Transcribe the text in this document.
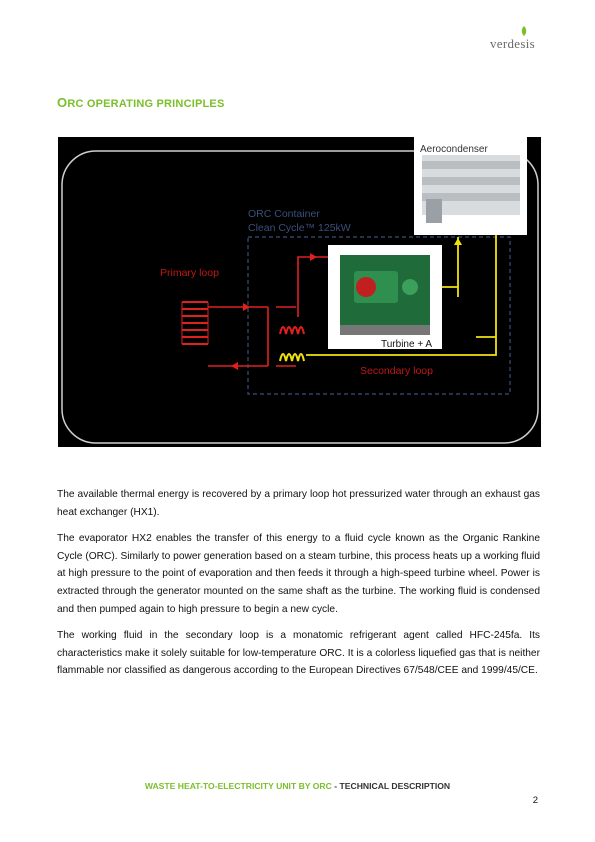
verdesis
ORC OPERATING PRINCIPLES
ORC Container
Clean Cycle™ 125kW
Primary loop
Secondary loop
Turbine + A
Aerocondenser

The available thermal energy is recovered by a primary loop hot pressurized water through an exhaust gas heat exchanger (HX1).

The evaporator HX2 enables the transfer of this energy to a fluid cycle known as the Organic Rankine Cycle (ORC). Similarly to power generation based on a steam turbine, this process heats up a working fluid at high pressure to the point of evaporation and then feeds it through a high-speed turbine wheel. Power is extracted through the generator mounted on the same shaft as the turbine. The working fluid is condensed and then pumped again to high pressure to begin a new cycle.

The working fluid in the secondary loop is a monatomic refrigerant agent called HFC-245fa. Its characteristics make it solely suitable for low-temperature ORC. It is a colorless liquefied gas that is neither flammable nor classified as dangerous according to the European Directives 67/548/CEE and 1999/45/CE.

WASTE HEAT-TO-ELECTRICITY UNIT BY ORC - TECHNICAL DESCRIPTION
2
